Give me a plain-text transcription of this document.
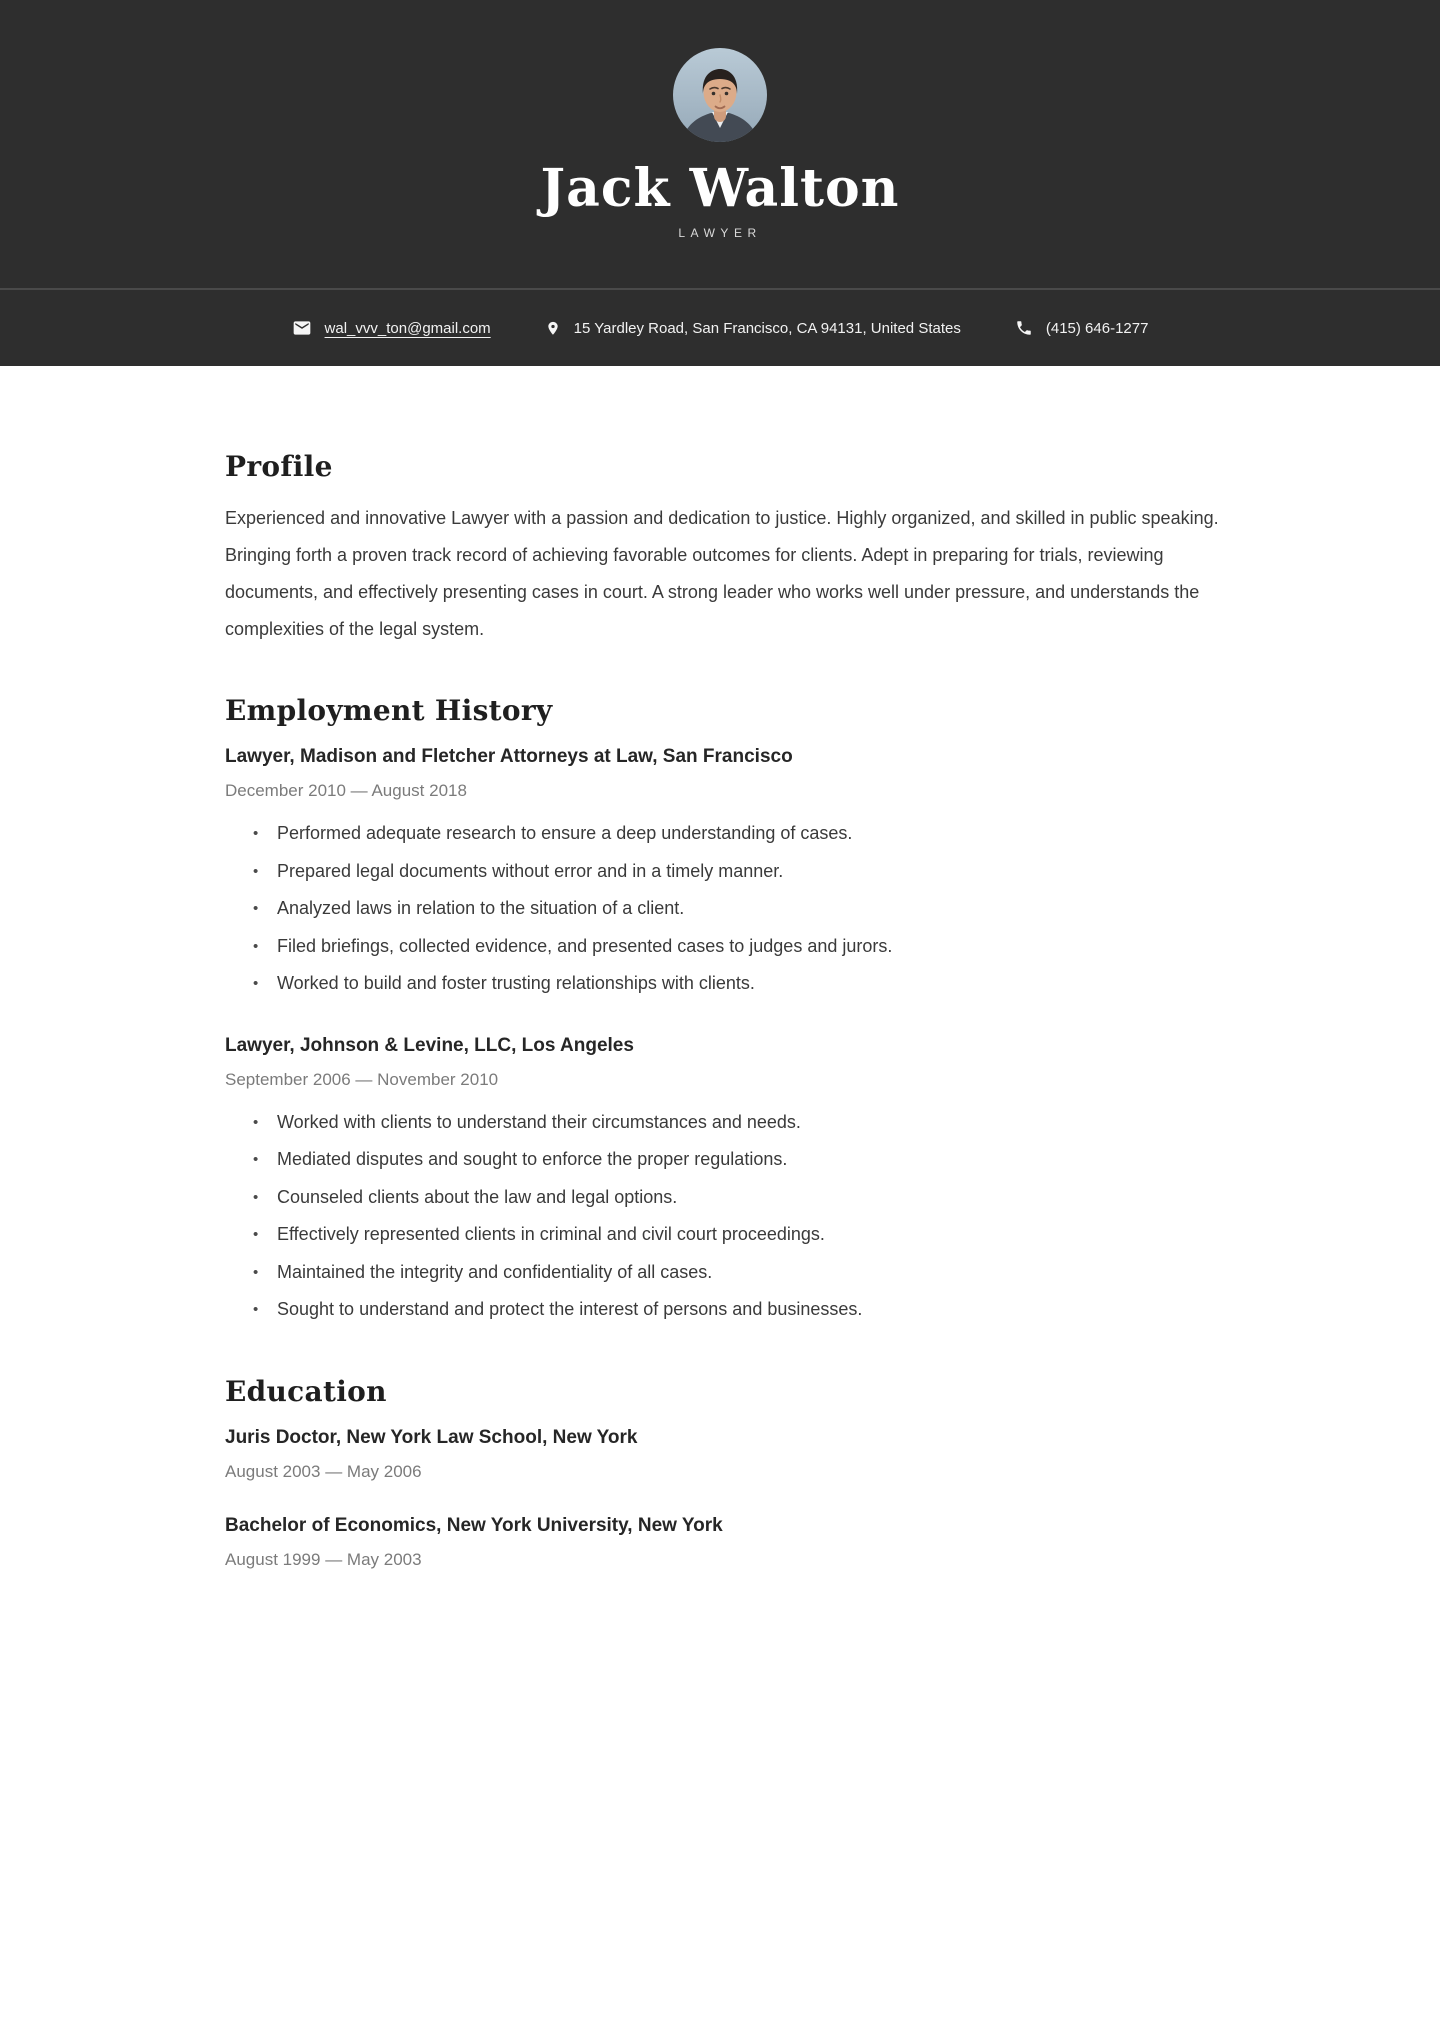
Jack Walton
LAWYER
wal_vvv_ton@gmail.com	15 Yardley Road, San Francisco, CA 94131, United States	(415) 646-1277
Profile

Experienced and innovative Lawyer with a passion and dedication to justice. Highly organized, and skilled in public speaking. Bringing forth a proven track record of achieving favorable outcomes for clients. Adept in preparing for trials, reviewing documents, and effectively presenting cases in court. A strong leader who works well under pressure, and understands the complexities of the legal system.

Employment History
Lawyer, Madison and Fletcher Attorneys at Law, San Francisco
December 2010 — August 2018
• Performed adequate research to ensure a deep understanding of cases.
• Prepared legal documents without error and in a timely manner.
• Analyzed laws in relation to the situation of a client.
• Filed briefings, collected evidence, and presented cases to judges and jurors.
• Worked to build and foster trusting relationships with clients.
Lawyer, Johnson & Levine, LLC, Los Angeles
September 2006 — November 2010
• Worked with clients to understand their circumstances and needs.
• Mediated disputes and sought to enforce the proper regulations.
• Counseled clients about the law and legal options.
• Effectively represented clients in criminal and civil court proceedings.
• Maintained the integrity and confidentiality of all cases.
• Sought to understand and protect the interest of persons and businesses.
Education
Juris Doctor, New York Law School, New York
August 2003 — May 2006
Bachelor of Economics, New York University, New York
August 1999 — May 2003
